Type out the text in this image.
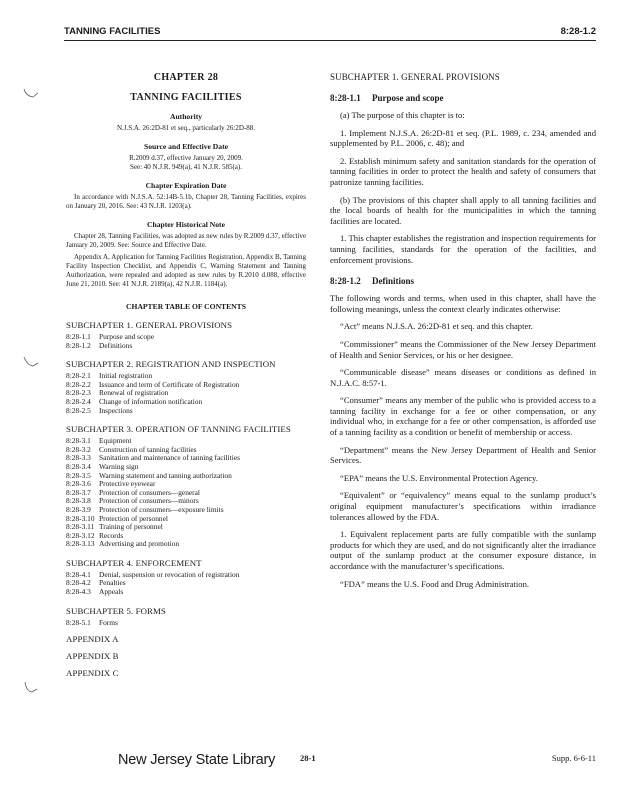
TANNING FACILITIES	8:28-1.2
CHAPTER 28
TANNING FACILITIES
Authority
N.J.S.A. 26:2D-81 et seq., particularly 26:2D-88.
Source and Effective Date
R.2009 d.37, effective January 20, 2009.
See: 40 N.J.R. 949(a), 41 N.J.R. 585(a).
Chapter Expiration Date
In accordance with N.J.S.A. 52:14B-5.1b, Chapter 28, Tanning Facilities, expires on January 20, 2016. See: 43 N.J.R. 1203(a).
Chapter Historical Note
Chapter 28, Tanning Facilities, was adopted as new rules by R.2009 d.37, effective January 20, 2009. See: Source and Effective Date.
Appendix A, Application for Tanning Facilities Registration, Appendix B, Tanning Facility Inspection Checklist, and Appendix C, Warning Statement and Tanning Authorization, were repealed and adopted as new rules by R.2010 d.088, effective June 21, 2010. See: 41 N.J.R. 2189(a), 42 N.J.R. 1184(a).
CHAPTER TABLE OF CONTENTS
SUBCHAPTER 1. GENERAL PROVISIONS
8:28-1.1	Purpose and scope
8:28-1.2	Definitions
SUBCHAPTER 2. REGISTRATION AND INSPECTION
8:28-2.1	Initial registration
8:28-2.2	Issuance and term of Certificate of Registration
8:28-2.3	Renewal of registration
8:28-2.4	Change of information notification
8:28-2.5	Inspections
SUBCHAPTER 3. OPERATION OF TANNING FACILITIES
8:28-3.1	Equipment
8:28-3.2	Construction of tanning facilities
8:28-3.3	Sanitation and maintenance of tanning facilities
8:28-3.4	Warning sign
8:28-3.5	Warning statement and tanning authorization
8:28-3.6	Protective eyewear
8:28-3.7	Protection of consumers—general
8:28-3.8	Protection of consumers—minors
8:28-3.9	Protection of consumers—exposure limits
8:28-3.10 Protection of personnel
8:28-3.11 Training of personnel
8:28-3.12 Records
8:28-3.13 Advertising and promotion
SUBCHAPTER 4. ENFORCEMENT
8:28-4.1	Denial, suspension or revocation of registration
8:28-4.2	Penalties
8:28-4.3	Appeals
SUBCHAPTER 5. FORMS
8:28-5.1	Forms
APPENDIX A
APPENDIX B
APPENDIX C
SUBCHAPTER 1. GENERAL PROVISIONS
8:28-1.1 Purpose and scope
(a) The purpose of this chapter is to:
1. Implement N.J.S.A. 26:2D-81 et seq. (P.L. 1989, c. 234, amended and supplemented by P.L. 2006, c. 48); and
2. Establish minimum safety and sanitation standards for the operation of tanning facilities in order to protect the health and safety of consumers that patronize tanning facilities.
(b) The provisions of this chapter shall apply to all tanning facilities and the local boards of health for the municipalities in which the tanning facilities are located.
1. This chapter establishes the registration and inspection requirements for tanning facilities, standards for the operation of the facilities, and enforcement provisions.
8:28-1.2 Definitions
The following words and terms, when used in this chapter, shall have the following meanings, unless the context clearly indicates otherwise:
“Act” means N.J.S.A. 26:2D-81 et seq. and this chapter.
“Commissioner” means the Commissioner of the New Jersey Department of Health and Senior Services, or his or her designee.
“Communicable disease” means diseases or conditions as defined in N.J.A.C. 8:57-1.
“Consumer” means any member of the public who is provided access to a tanning facility in exchange for a fee or other compensation, or any individual who, in exchange for a fee or other compensation, is afforded use of a tanning facility as a condition or benefit of membership or access.
“Department” means the New Jersey Department of Health and Senior Services.
“EPA” means the U.S. Environmental Protection Agency.
“Equivalent” or “equivalency” means equal to the sunlamp product’s original equipment manufacturer’s specifications within irradiance tolerances allowed by the FDA.
1. Equivalent replacement parts are fully compatible with the sunlamp products for which they are used, and do not significantly alter the irradiance output of the sunlamp product at the consumer exposure distance, in accordance with the manufacturer’s specifications.
“FDA” means the U.S. Food and Drug Administration.
28-1	Supp. 6-6-11
New Jersey State Library
